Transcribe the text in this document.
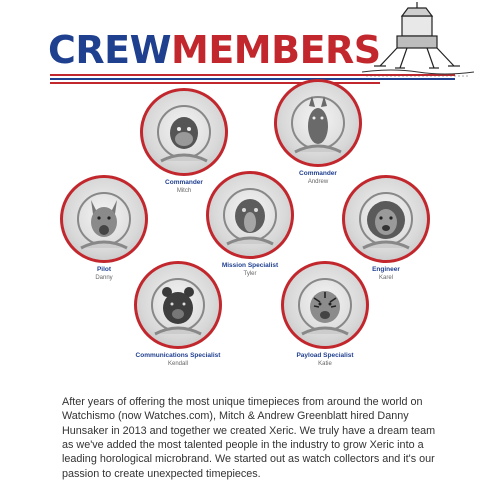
CREWMEMBERS
Commander
Mitch
Commander
Andrew
Pilot
Danny
Mission Specialist
Tyler
Engineer
Karel
Communications Specialist
Kendall
Payload Specialist
Katie

After years of offering the most unique timepieces from around the world on Watchismo (now Watches.com), Mitch & Andrew Greenblatt hired Danny Hunsaker in 2013 and together we created Xeric. We truly have a dream team as we've added the most talented people in the industry to grow Xeric into a leading horological microbrand. We started out as watch collectors and it's our passion to create unexpected timepieces.
